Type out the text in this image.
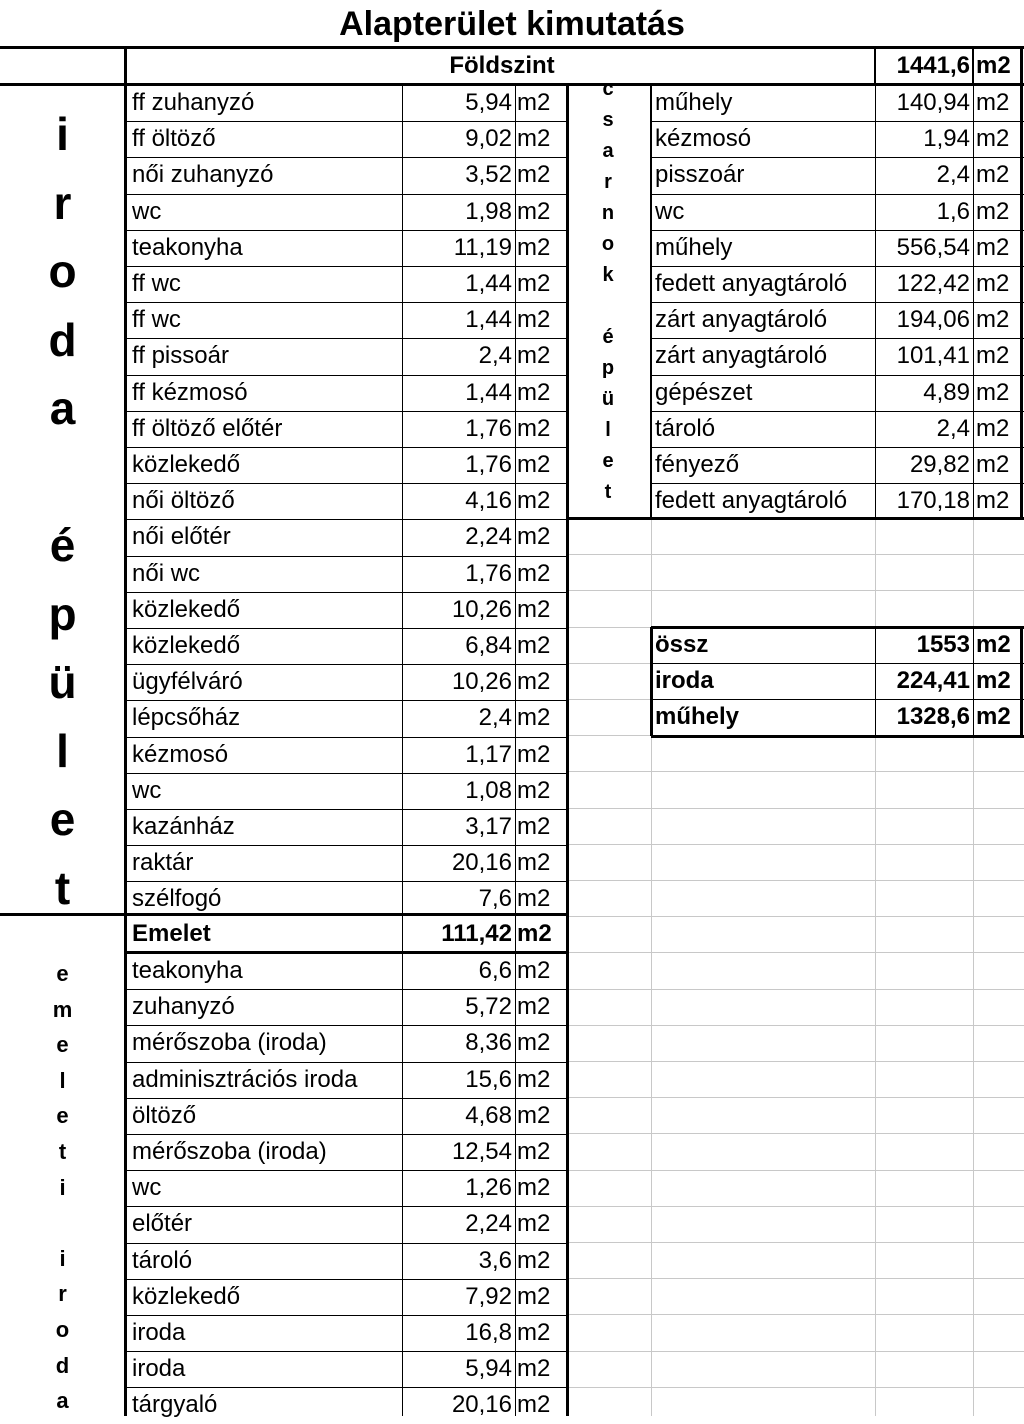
Alapterület kimutatás
Földszint	1441,6 m2
i
r
o
d
a
é
p
ü
l
e
t
c
s
a
r
n
o
k
é
p
ü
l
e
t
e
m
e
l
e
t
i
i
r
o
d
a
ff zuhanyzó	5,94 m2
ff öltöző	9,02 m2
női zuhanyzó	3,52 m2
wc	1,98 m2
teakonyha	11,19 m2
ff wc	1,44 m2
ff wc	1,44 m2
ff pissoár	2,4 m2
ff kézmosó	1,44 m2
ff öltöző előtér	1,76 m2
közlekedő	1,76 m2
női öltöző	4,16 m2
női előtér	2,24 m2
női wc	1,76 m2
közlekedő	10,26 m2
közlekedő	6,84 m2
ügyfélváró	10,26 m2
lépcsőház	2,4 m2
kézmosó	1,17 m2
wc	1,08 m2
kazánház	3,17 m2
raktár	20,16 m2
szélfogó	7,6 m2
Emelet	111,42 m2
teakonyha	6,6 m2
zuhanyzó	5,72 m2
mérőszoba (iroda)	8,36 m2
adminisztrációs iroda	15,6 m2
öltöző	4,68 m2
mérőszoba (iroda)	12,54 m2
wc	1,26 m2
előtér	2,24 m2
tároló	3,6 m2
közlekedő	7,92 m2
iroda	16,8 m2
iroda	5,94 m2
tárgyaló	20,16 m2
műhely	140,94 m2
kézmosó	1,94 m2
pisszoár	2,4 m2
wc	1,6 m2
műhely	556,54 m2
fedett anyagtároló	122,42 m2
zárt anyagtároló	194,06 m2
zárt anyagtároló	101,41 m2
gépészet	4,89 m2
tároló	2,4 m2
fényező	29,82 m2
fedett anyagtároló	170,18 m2
össz	1553 m2
iroda	224,41 m2
műhely	1328,6 m2
